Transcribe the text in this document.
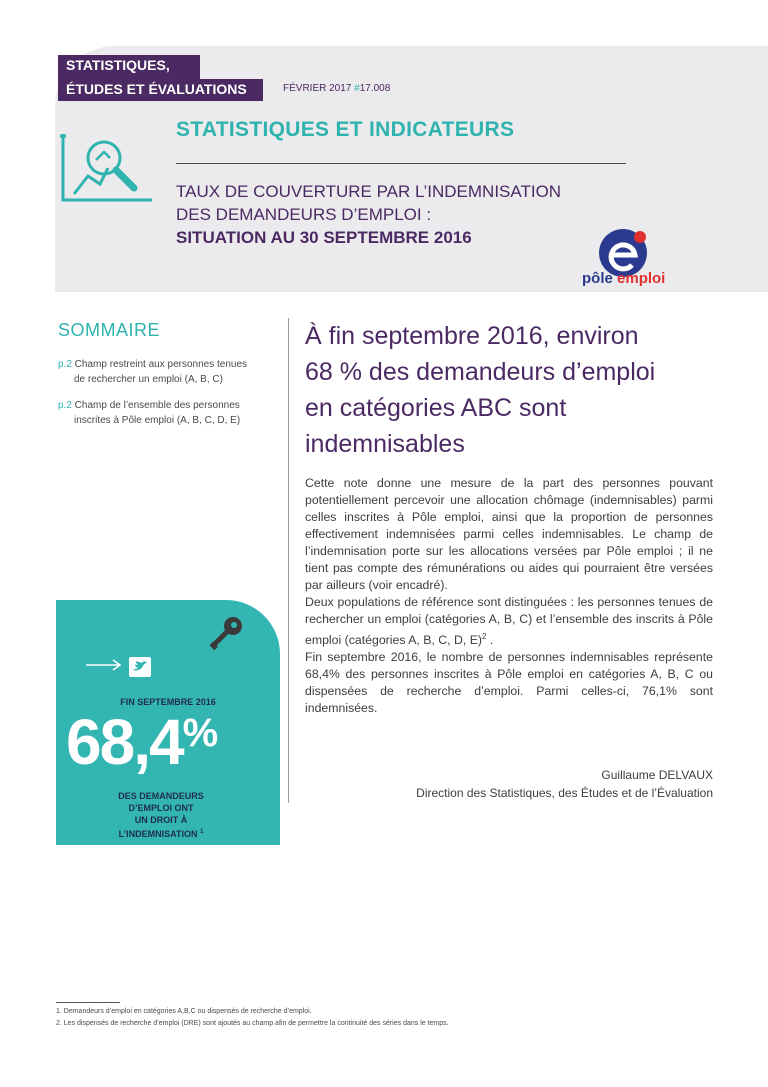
ÉTUDES ET ÉVALUATIONS
STATISTIQUES,
FÉVRIER 2017 #17.008
STATISTIQUES ET INDICATEURS
TAUX DE COUVERTURE PAR L’INDEMNISATION
DES DEMANDEURS D’EMPLOI :
SITUATION AU 30 SEPTEMBRE 2016
pôle emploi
SOMMAIRE
p.2 Champ restreint aux personnes tenues
de rechercher un emploi (A, B, C)
p.2 Champ de l’ensemble des personnes
inscrites à Pôle emploi (A, B, C, D, E)
À fin septembre 2016, environ
68 % des demandeurs d’emploi
en catégories ABC sont
indemnisables

Cette note donne une mesure de la part des personnes pouvant potentiellement percevoir une allocation chômage (indemnisables) parmi celles inscrites à Pôle emploi, ainsi que la proportion de personnes effectivement indemnisées parmi celles indemnisables. Le champ de l’indemnisation porte sur les allocations versées par Pôle emploi ; il ne tient pas compte des rémunérations ou aides qui pourraient être versées par ailleurs (voir encadré).

Deux populations de référence sont distinguées : les personnes tenues de rechercher un emploi (catégories A, B, C) et l’ensemble des inscrits à Pôle emploi (catégories A, B, C, D, E)$^2$ .

Fin septembre 2016, le nombre de personnes indemnisables représente 68,4% des personnes inscrites à Pôle emploi en catégories A, B, C ou dispensées de recherche d’emploi. Parmi celles-ci, 76,1% sont indemnisées.

Guillaume DELVAUX
Direction des Statistiques, des Études et de l’Évaluation
FIN SEPTEMBRE 2016
68,4%
DES DEMANDEURS
D’EMPLOI ONT
UN DROIT À
L’INDEMNISATION $^1$
1. Demandeurs d’emploi en catégories A,B,C ou dispensés de recherche d’emploi.
2. Les dispensés de recherche d’emploi (DRE) sont ajoutés au champ afin de permettre la continuité des séries dans le temps.
